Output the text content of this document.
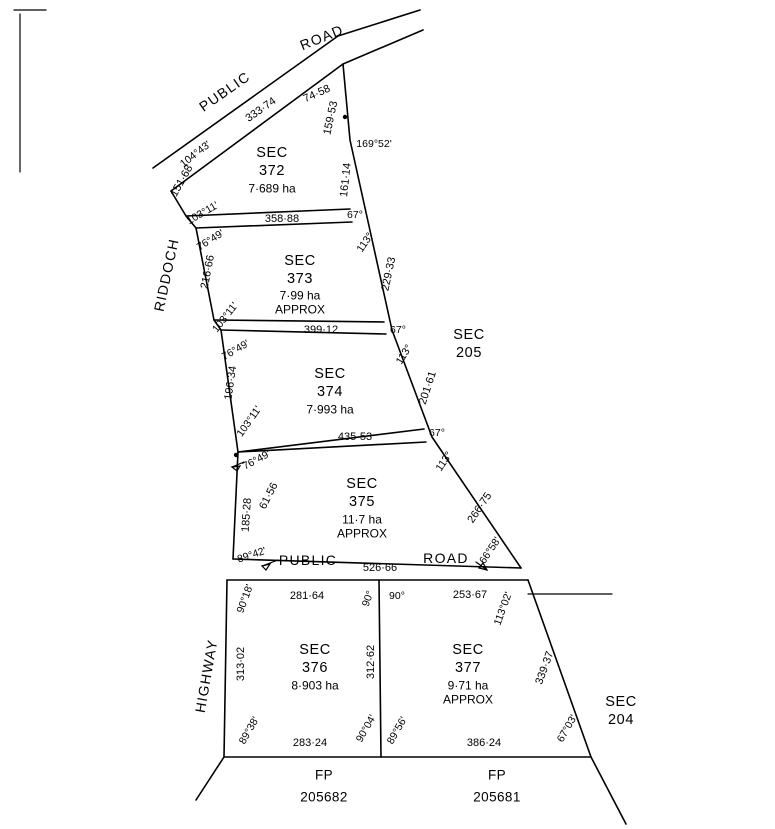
PUBLIC
ROAD
RIDDOCH
HIGHWAY
PUBLIC	ROAD
SEC
372
7·689 ha
SEC
373
7·99 ha
APPROX
SEC
374
7·993 ha
SEC
375
11·7 ha
APPROX
SEC
376
8·903 ha
SEC
377
9·71 ha
APPROX
SEC
205
SEC
204
FP
205682
FP
205681
333·74
74·58
159·53
151·68	161·14
358·88
216·66	229·33
399·12
196·34	201·61
435·53
185·28
61·56	266·75
526·66
281·64	253·67
313·02	312·62	339·37
283·24	386·24
104°43'	169°52'
103°11'	67°
76°49'	113°
103°11'	67°
76°49'	113°
103°11'	67°
76°49'	113°
89°42'	66°58'
90°18'	90° 90°	113°02'
89°38'	90°04' 89°56'	67°03'
